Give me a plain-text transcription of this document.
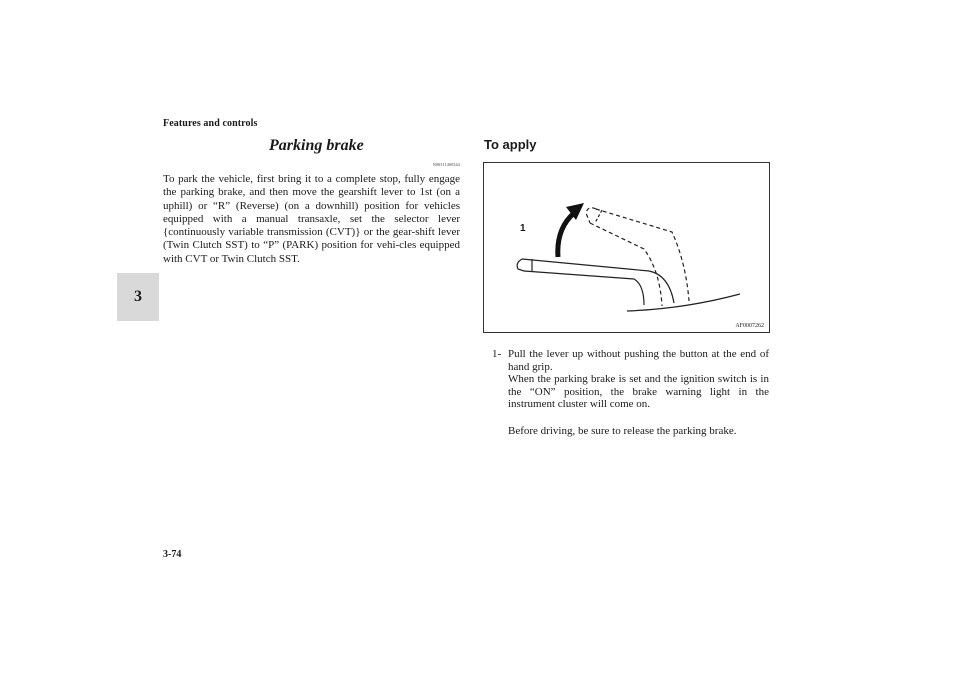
Features and controls
3
Parking brake
N00511400344

To park the vehicle, first bring it to a complete stop, fully engage the parking brake, and then move the gearshift lever to 1st (on a uphill) or “R” (Reverse) (on a downhill) position for vehicles equipped with a manual transaxle, set the selector lever {continuously variable transmission (CVT)} or the gear-shift lever (Twin Clutch SST) to “P” (PARK) position for vehi-cles equipped with CVT or Twin Clutch SST.

To apply
1
AF0007262
1- Pull the lever up without pushing the button at the end of hand grip.

When the parking brake is set and the ignition switch is in the “ON” position, the brake warning light in the instrument cluster will come on.

Before driving, be sure to release the parking brake.

3-74
